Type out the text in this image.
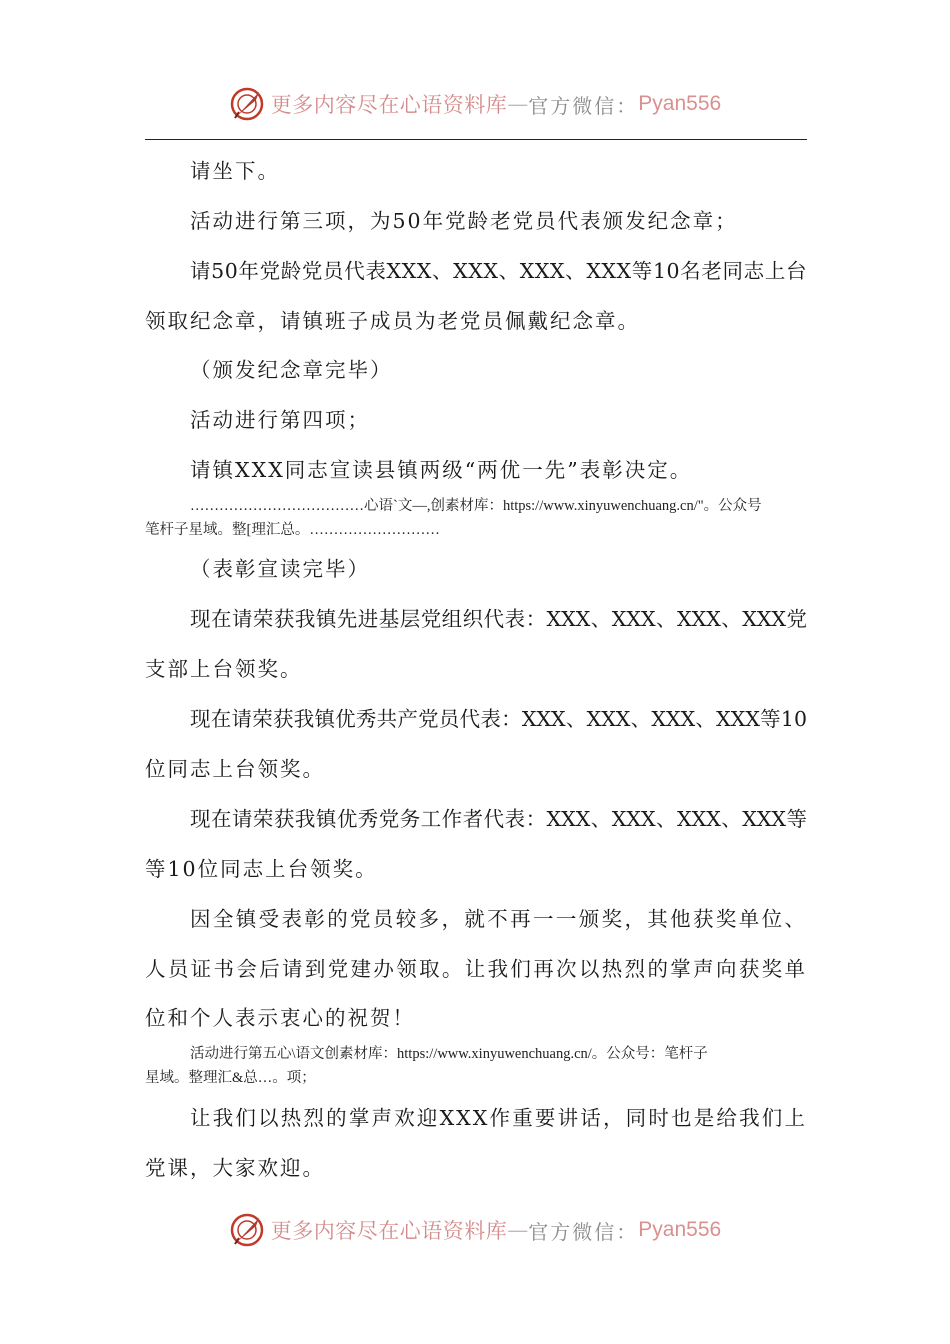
更多内容尽在心语资料库 — 官方微信： Pyan556
请坐下。
活动进行第三项，为50年党龄老党员代表颁发纪念章；
请50年党龄党员代表XXX、XXX、XXX、XXX等10名老同志上台
领取纪念章，请镇班子成员为老党员佩戴纪念章。
（颁发纪念章完毕）
活动进行第四项；
请镇XXX同志宣读县镇两级“两优一先”表彰决定。
………………………………心语`文—,创素材库：https://www.xinyuwenchuang.cn/"。公众号
笔杆子星域。整[理汇总。………………………
（表彰宣读完毕）
现在请荣获我镇先进基层党组织代表：XXX、XXX、XXX、XXX党
支部上台领奖。
现在请荣获我镇优秀共产党员代表：XXX、XXX、XXX、XXX等10
位同志上台领奖。
现在请荣获我镇优秀党务工作者代表：XXX、XXX、XXX、XXX等
等10位同志上台领奖。
因全镇受表彰的党员较多，就不再一一颁奖，其他获奖单位、
人员证书会后请到党建办领取。让我们再次以热烈的掌声向获奖单
位和个人表示衷心的祝贺！
活动进行第五心\语文创素材库：https://www.xinyuwenchuang.cn/。公众号：笔杆子
星域。整理汇&总…。项；
让我们以热烈的掌声欢迎XXX作重要讲话，同时也是给我们上
党课，大家欢迎。
更多内容尽在心语资料库 — 官方微信： Pyan556
